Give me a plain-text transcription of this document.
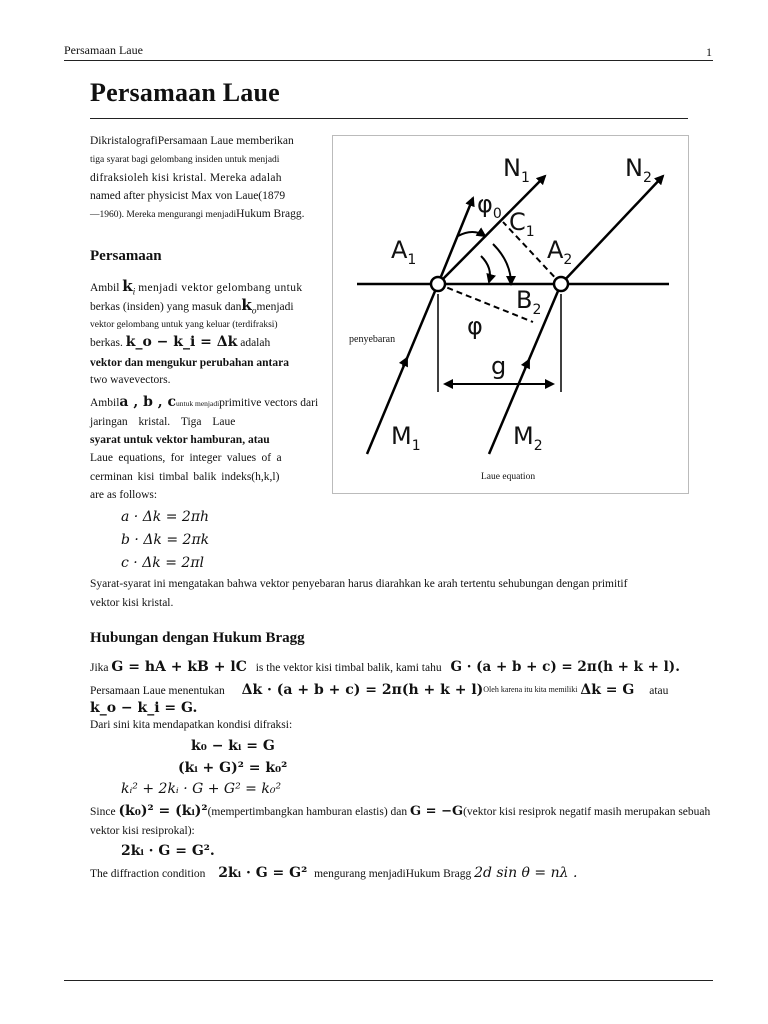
Persamaan Laue	1
Persamaan Laue
DikristalografiPersamaan Laue memberikan
tiga syarat bagi gelombang insiden untuk menjadi
difraksioleh kisi kristal. Mereka adalah
named after physicist Max von Laue(1879
—1960). Mereka mengurangi menjadiHukum Bragg.
Persamaan
Ambil $k_i$ menjadi vektor gelombang untuk
berkas (insiden) yang masuk dank$_o$menjadi
vektor gelombang untuk yang keluar (terdifraksi)
berkas. k_o − k_i = Δk adalah
vektor dan mengukur perubahan antara
two wavevectors.
Ambila , b , cuntuk menjadiprimitive vectors dari
jaringan kristal. Tiga Laue
syarat untuk vektor hamburan, atau
Laue equations, for integer values of a
cerminan kisi timbal balik indeks(h,k,l)
are as follows:
a · Δk = 2πh
b · Δk = 2πk
c · Δk = 2πl
Syarat-syarat ini mengatakan bahwa vektor penyebaran harus diarahkan ke arah tertentu sehubungan dengan primitif
vektor kisi kristal.
$N_1$	$N_2$
$\varphi_0$ $C_1$
$A_1$	$A_2$
$B_2$
φ
penyebaran
g
$M_1$	$M_2$
Laue equation
Hubungan dengan Hukum Bragg
Jika G = hA + kB + lC is the vektor kisi timbal balik, kami tahu G · (a + b + c) = 2π(h + k + l).
Persamaan Laue menentukan $\Delta k \cdot (a + b + c) = 2\pi(h + k + l)^{Oleh karena itu kita memiliki}$ Δk = G atau
k_o − k_i = G.
Dari sini kita mendapatkan kondisi difraksi:
k₀ − kᵢ = G
(kᵢ + G)² = k₀²
kᵢ² + 2kᵢ · G + G² = k₀²
Since (k₀)² = (kᵢ)²(mempertimbangkan hamburan elastis) dan G = −G(vektor kisi resiprok negatif masih merupakan sebuah
vektor kisi resiprokal):
2kᵢ · G = G².
The diffraction condition 2kᵢ · G = G² mengurang menjadiHukum Bragg 2d sin θ = nλ .
